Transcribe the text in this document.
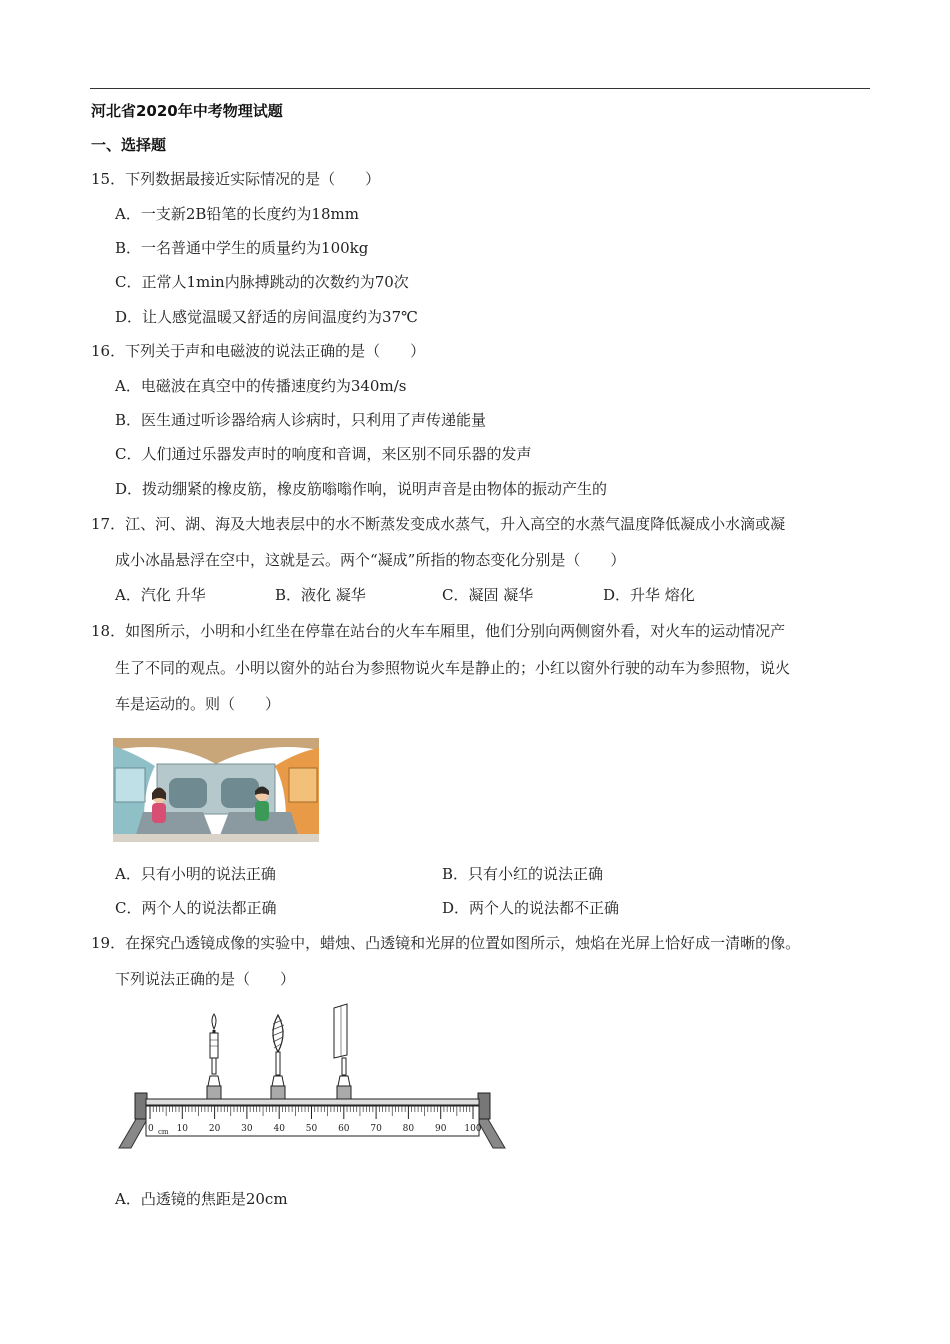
河北省2020年中考物理试题
一、选择题
15．下列数据最接近实际情况的是（　　）
A．一支新2B铅笔的长度约为18mm
B．一名普通中学生的质量约为100kg
C．正常人1min内脉搏跳动的次数约为70次
D．让人感觉温暖又舒适的房间温度约为37℃
16．下列关于声和电磁波的说法正确的是（　　）
A．电磁波在真空中的传播速度约为340m/s
B．医生通过听诊器给病人诊病时，只利用了声传递能量
C．人们通过乐器发声时的响度和音调，来区别不同乐器的发声
D．拨动绷紧的橡皮筋，橡皮筋嗡嗡作响，说明声音是由物体的振动产生的
17．江、河、湖、海及大地表层中的水不断蒸发变成水蒸气，升入高空的水蒸气温度降低凝成小水滴或凝
成小冰晶悬浮在空中，这就是云。两个“凝成”所指的物态变化分别是（　　）
A．汽化 升华	B．液化 凝华	C．凝固 凝华	D．升华 熔化
18．如图所示，小明和小红坐在停靠在站台的火车车厢里，他们分别向两侧窗外看，对火车的运动情况产
生了不同的观点。小明以窗外的站台为参照物说火车是静止的；小红以窗外行驶的动车为参照物，说火
车是运动的。则（　　）
A．只有小明的说法正确	B．只有小红的说法正确
C．两个人的说法都正确	D．两个人的说法都不正确
19．在探究凸透镜成像的实验中，蜡烛、凸透镜和光屏的位置如图所示，烛焰在光屏上恰好成一清晰的像。
下列说法正确的是（　　）
0	10 20 30 40 50 60 70 80 90 100
cm
A．凸透镜的焦距是20cm
